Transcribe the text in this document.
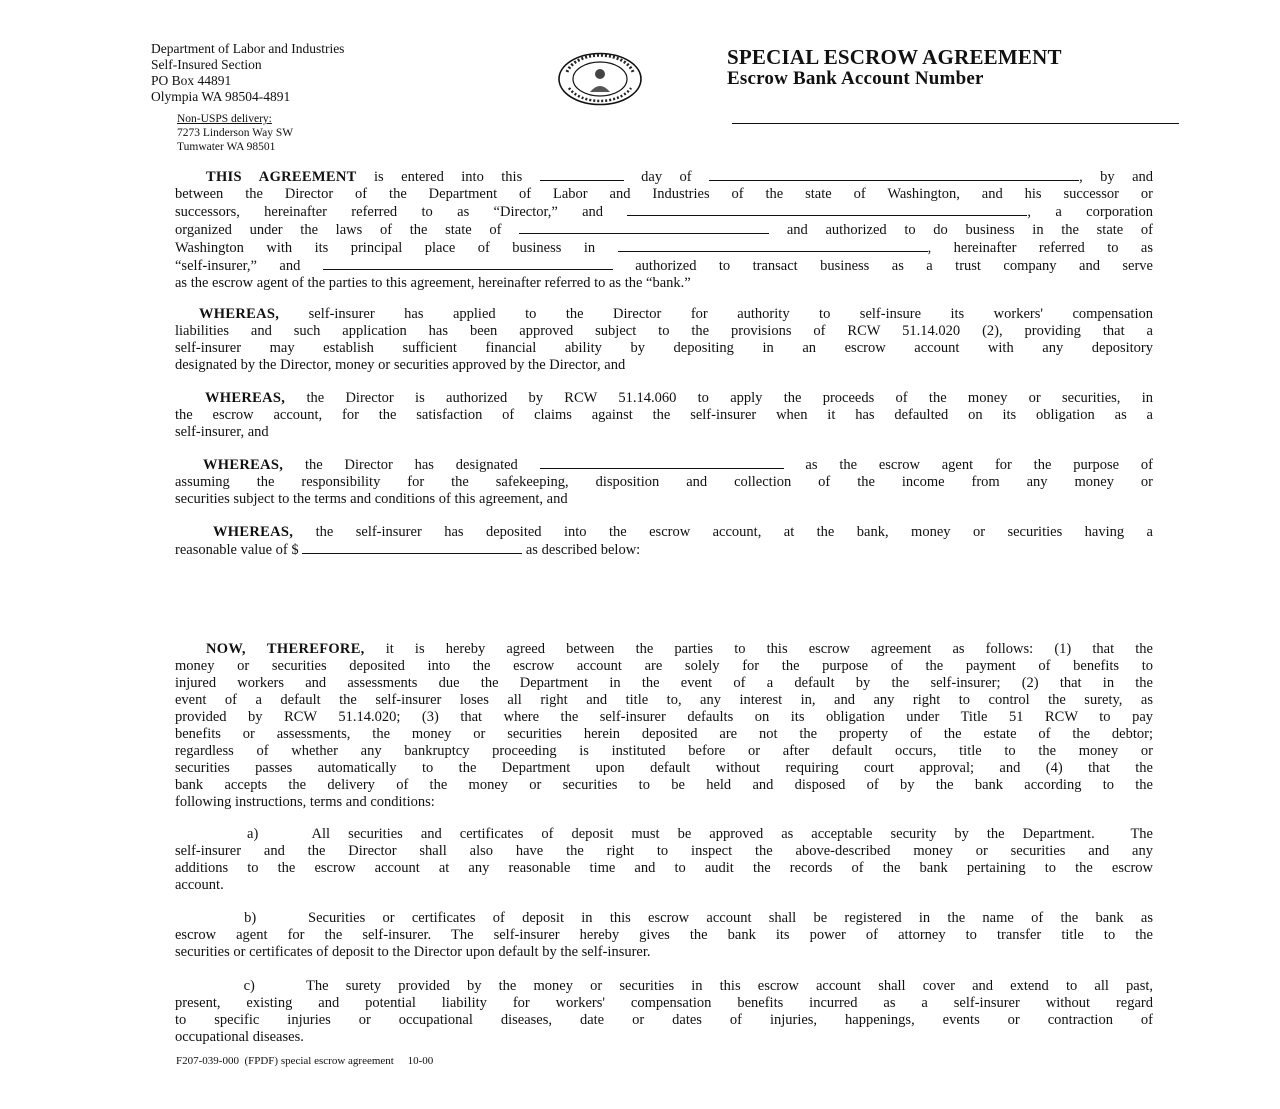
Department of Labor and Industries
Self-Insured Section
PO Box 44891
Olympia WA 98504-4891
Non-USPS delivery:
7273 Linderson Way SW
Tumwater WA 98501
SPECIAL ESCROW AGREEMENT
Escrow Bank Account Number
THIS AGREEMENT is entered into this	day of	, by and
between the Director of the Department of Labor and Industries of the state of Washington, and his successor or
successors, hereinafter referred to as “Director,” and	, a corporation
organized under the laws of the state of	and authorized to do business in the state of
Washington with its principal place of business in	, hereinafter referred to as
“self-insurer,” and	authorized to transact business as a trust company and serve
as the escrow agent of the parties to this agreement, hereinafter referred to as the “bank.”
WHEREAS, self-insurer has applied to the Director for authority to self-insure its workers' compensation
liabilities and such application has been approved subject to the provisions of RCW 51.14.020 (2), providing that a
self-insurer may establish sufficient financial ability by depositing in an escrow account with any depository
designated by the Director, money or securities approved by the Director, and
WHEREAS, the Director is authorized by RCW 51.14.060 to apply the proceeds of the money or securities, in
the escrow account, for the satisfaction of claims against the self-insurer when it has defaulted on its obligation as a
self-insurer, and
WHEREAS, the Director has designated	as the escrow agent for the purpose of
assuming the responsibility for the safekeeping, disposition and collection of the income from any money or
securities subject to the terms and conditions of this agreement, and
WHEREAS, the self-insurer has deposited into the escrow account, at the bank, money or securities having a
reasonable value of $	as described below:
NOW, THEREFORE, it is hereby agreed between the parties to this escrow agreement as follows: (1) that the
money or securities deposited into the escrow account are solely for the purpose of the payment of benefits to
injured workers and assessments due the Department in the event of a default by the self-insurer; (2) that in the
event of a default the self-insurer loses all right and title to, any interest in, and any right to control the surety, as
provided by RCW 51.14.020; (3) that where the self-insurer defaults on its obligation under Title 51 RCW to pay
benefits or assessments, the money or securities herein deposited are not the property of the estate of the debtor;
regardless of whether any bankruptcy proceeding is instituted before or after default occurs, title to the money or
securities passes automatically to the Department upon default without requiring court approval; and (4) that the
bank accepts the delivery of the money or securities to be held and disposed of by the bank according to the
following instructions, terms and conditions:
a)   All securities and certificates of deposit must be approved as acceptable security by the Department.  The
self-insurer and the Director shall also have the right to inspect the above-described money or securities and any
additions to the escrow account at any reasonable time and to audit the records of the bank pertaining to the escrow
account.
b)   Securities or certificates of deposit in this escrow account shall be registered in the name of the bank as
escrow agent for the self-insurer. The self-insurer hereby gives the bank its power of attorney to transfer title to the
securities or certificates of deposit to the Director upon default by the self-insurer.
c)   The surety provided by the money or securities in this escrow account shall cover and extend to all past,
present, existing and potential liability for workers' compensation benefits incurred as a self-insurer without regard
to specific injuries or occupational diseases, date or dates of injuries, happenings, events or contraction of
occupational diseases.
F207-039-000  (FPDF) special escrow agreement     10-00
